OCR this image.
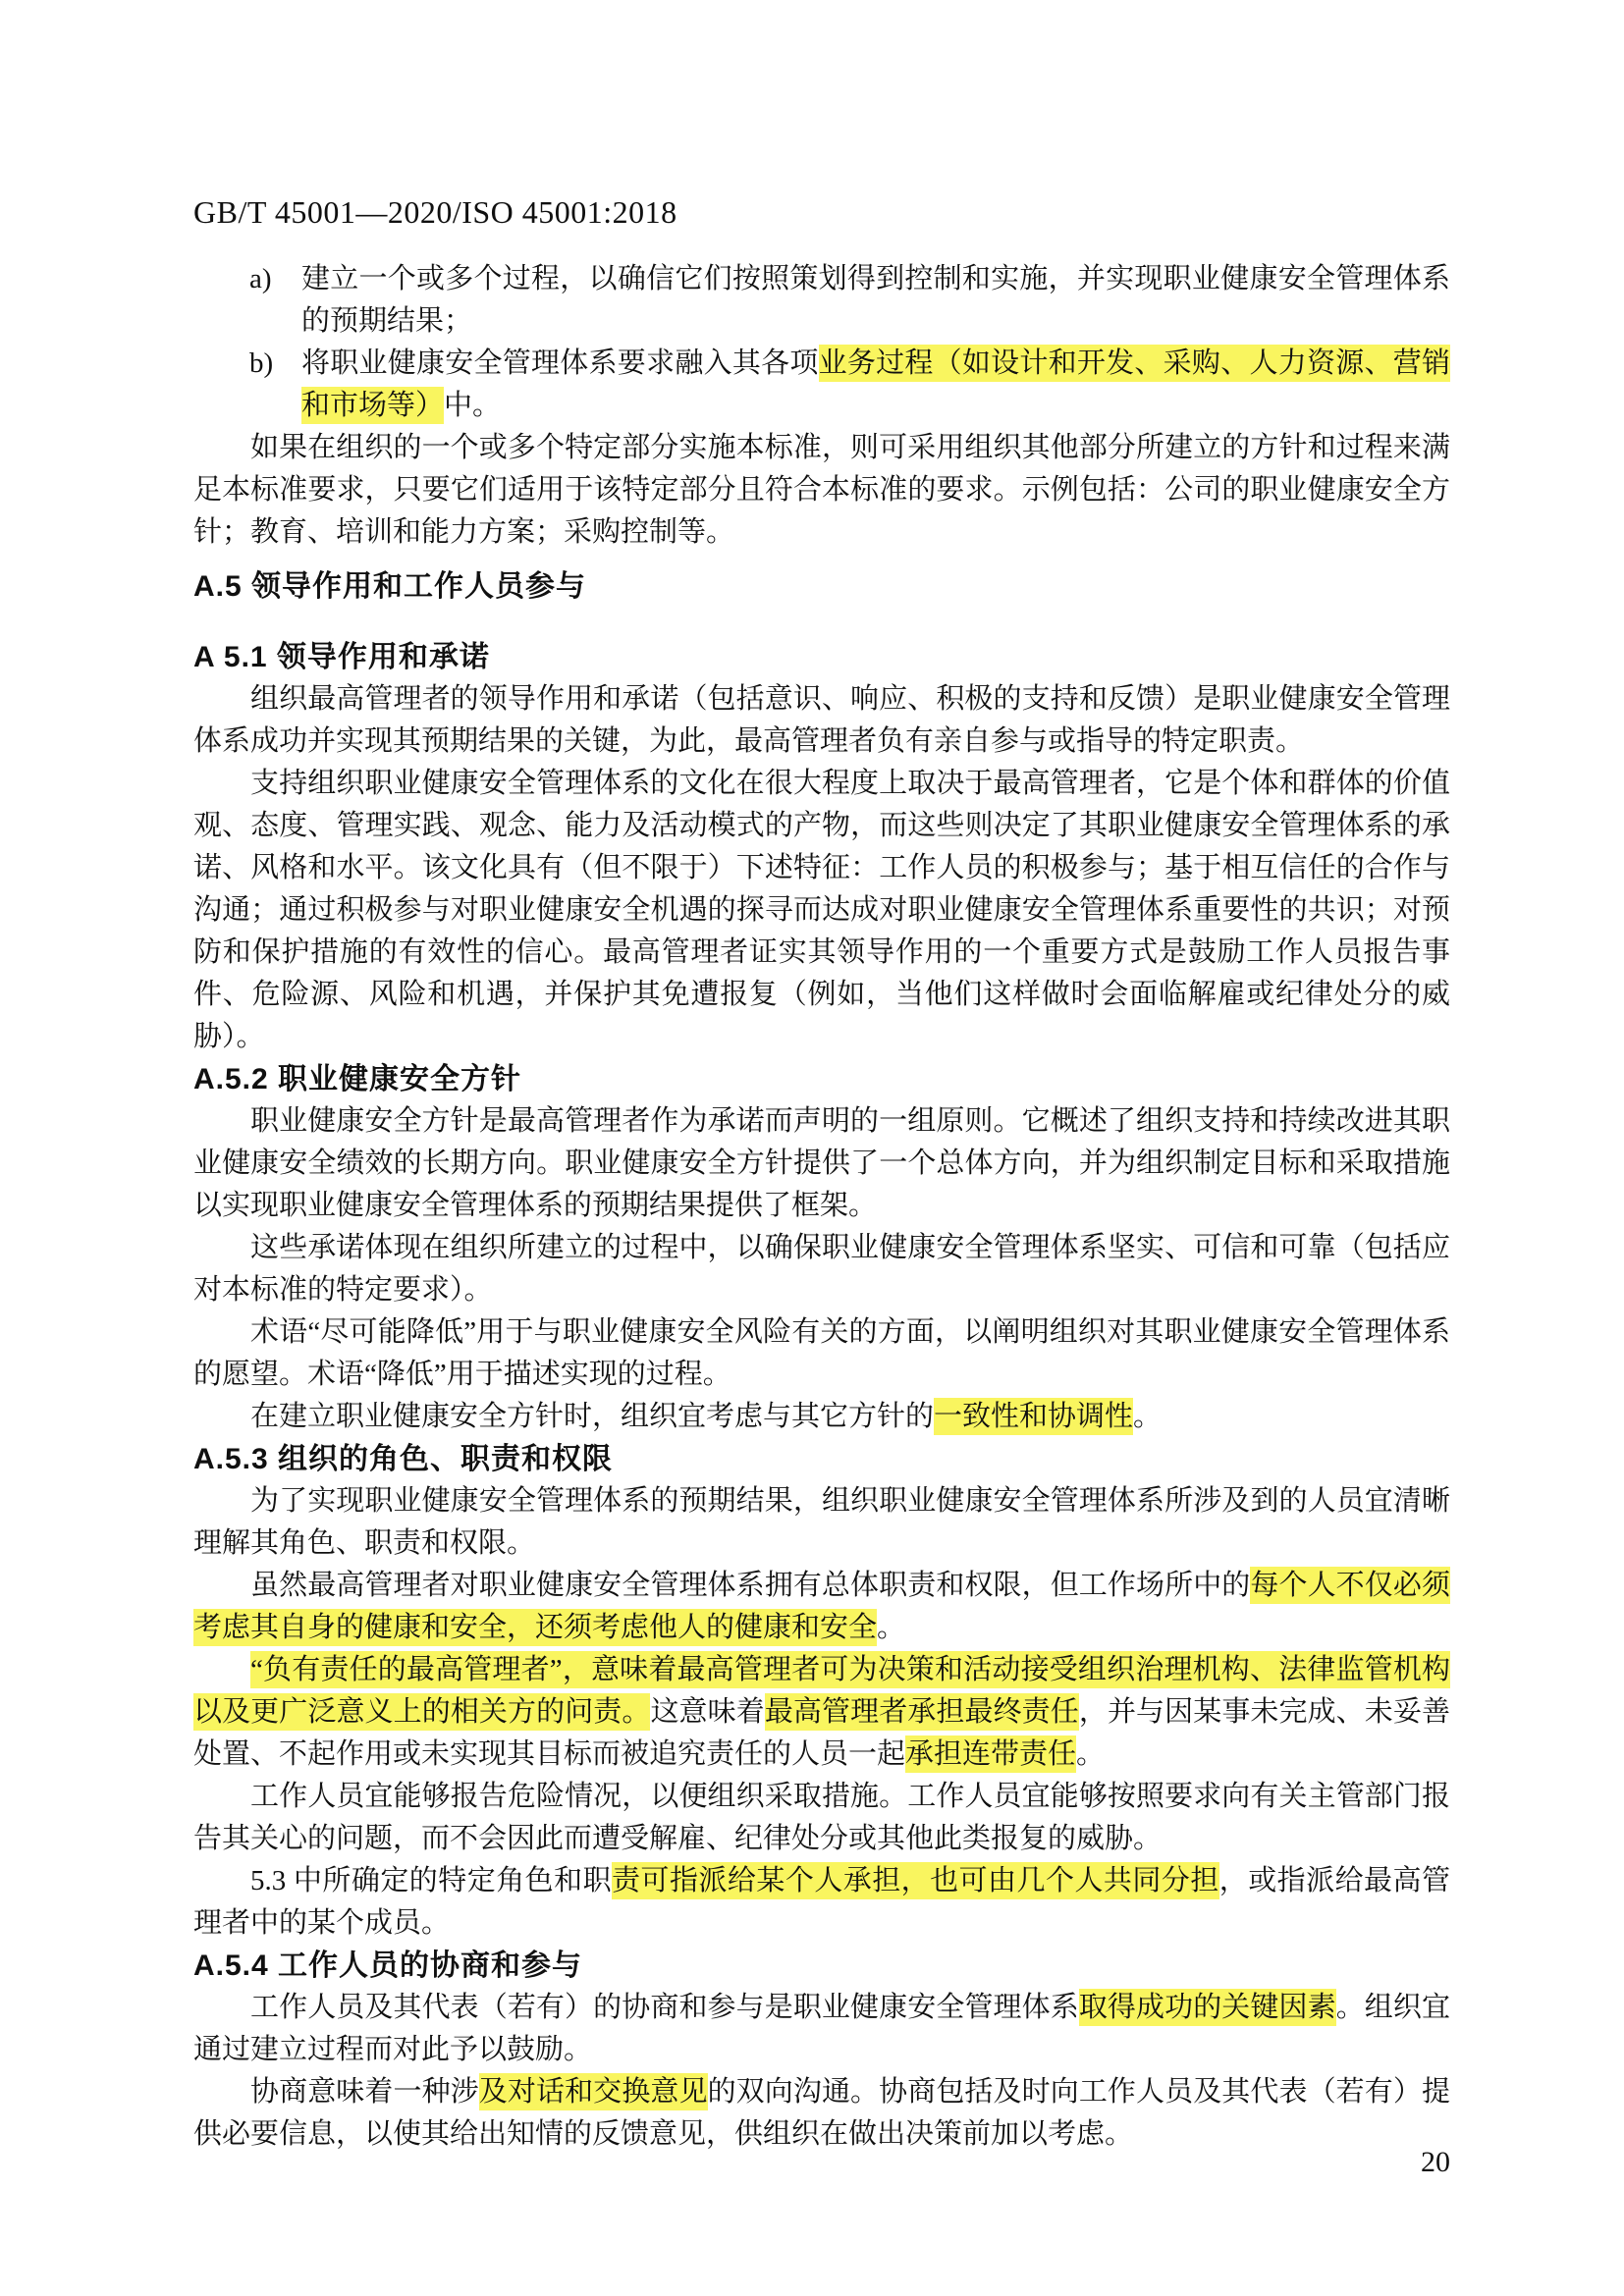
GB/T 45001—2020/ISO 45001:2018
a) 建立一个或多个过程，以确信它们按照策划得到控制和实施，并实现职业健康安全管理体系的预期结果；
b) 将职业健康安全管理体系要求融入其各项业务过程（如设计和开发、采购、人力资源、营销和市场等）中。
如果在组织的一个或多个特定部分实施本标准，则可采用组织其他部分所建立的方针和过程来满足本标准要求，只要它们适用于该特定部分且符合本标准的要求。示例包括：公司的职业健康安全方针；教育、培训和能力方案；采购控制等。
A.5 领导作用和工作人员参与
A 5.1 领导作用和承诺
组织最高管理者的领导作用和承诺（包括意识、响应、积极的支持和反馈）是职业健康安全管理体系成功并实现其预期结果的关键，为此，最高管理者负有亲自参与或指导的特定职责。
支持组织职业健康安全管理体系的文化在很大程度上取决于最高管理者，它是个体和群体的价值观、态度、管理实践、观念、能力及活动模式的产物，而这些则决定了其职业健康安全管理体系的承诺、风格和水平。该文化具有（但不限于）下述特征：工作人员的积极参与；基于相互信任的合作与沟通；通过积极参与对职业健康安全机遇的探寻而达成对职业健康安全管理体系重要性的共识；对预防和保护措施的有效性的信心。最高管理者证实其领导作用的一个重要方式是鼓励工作人员报告事件、危险源、风险和机遇，并保护其免遭报复（例如，当他们这样做时会面临解雇或纪律处分的威胁）。
A.5.2 职业健康安全方针
职业健康安全方针是最高管理者作为承诺而声明的一组原则。它概述了组织支持和持续改进其职业健康安全绩效的长期方向。职业健康安全方针提供了一个总体方向，并为组织制定目标和采取措施以实现职业健康安全管理体系的预期结果提供了框架。
这些承诺体现在组织所建立的过程中，以确保职业健康安全管理体系坚实、可信和可靠（包括应对本标准的特定要求）。
术语“尽可能降低”用于与职业健康安全风险有关的方面，以阐明组织对其职业健康安全管理体系的愿望。术语“降低”用于描述实现的过程。
在建立职业健康安全方针时，组织宜考虑与其它方针的一致性和协调性。
A.5.3 组织的角色、职责和权限
为了实现职业健康安全管理体系的预期结果，组织职业健康安全管理体系所涉及到的人员宜清晰理解其角色、职责和权限。
虽然最高管理者对职业健康安全管理体系拥有总体职责和权限，但工作场所中的每个人不仅必须考虑其自身的健康和安全，还须考虑他人的健康和安全。
“负有责任的最高管理者”，意味着最高管理者可为决策和活动接受组织治理机构、法律监管机构以及更广泛意义上的相关方的问责。这意味着最高管理者承担最终责任，并与因某事未完成、未妥善处置、不起作用或未实现其目标而被追究责任的人员一起承担连带责任。
工作人员宜能够报告危险情况，以便组织采取措施。工作人员宜能够按照要求向有关主管部门报告其关心的问题，而不会因此而遭受解雇、纪律处分或其他此类报复的威胁。
5.3 中所确定的特定角色和职责可指派给某个人承担，也可由几个人共同分担，或指派给最高管理者中的某个成员。
A.5.4 工作人员的协商和参与
工作人员及其代表（若有）的协商和参与是职业健康安全管理体系取得成功的关键因素。组织宜通过建立过程而对此予以鼓励。
协商意味着一种涉及对话和交换意见的双向沟通。协商包括及时向工作人员及其代表（若有）提供必要信息，以使其给出知情的反馈意见，供组织在做出决策前加以考虑。
20
